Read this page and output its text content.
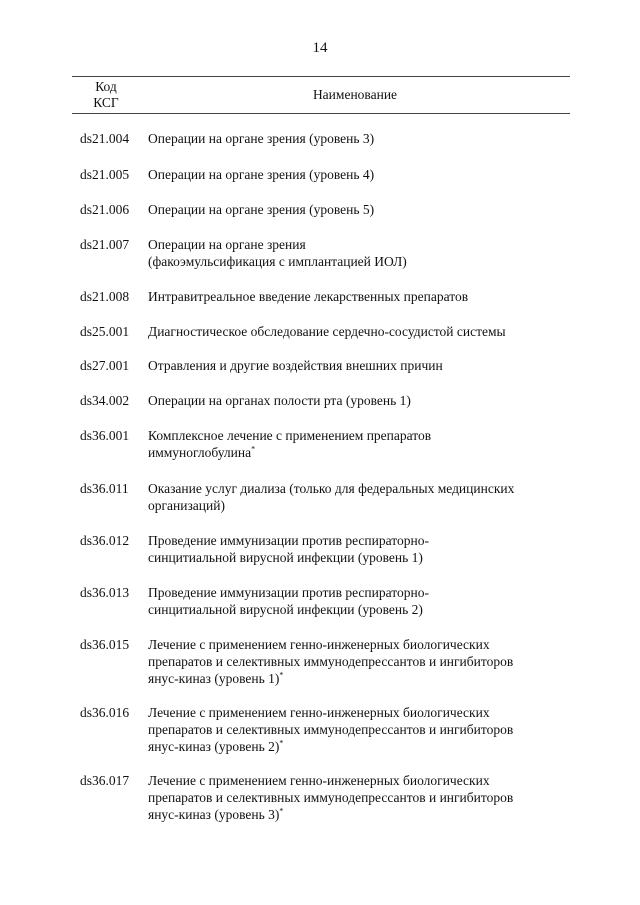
14
Код
КСГ
Наименование
ds21.004 Операции на органе зрения (уровень 3)
ds21.005 Операции на органе зрения (уровень 4)
ds21.006 Операции на органе зрения (уровень 5)
ds21.007 Операции на органе зрения
(факоэмульсификация с имплантацией ИОЛ)
ds21.008 Интравитреальное введение лекарственных препаратов
ds25.001 Диагностическое обследование сердечно-сосудистой системы
ds27.001 Отравления и другие воздействия внешних причин
ds34.002 Операции на органах полости рта (уровень 1)
ds36.001 Комплексное лечение с применением препаратов
иммуноглобулина*
ds36.011 Оказание услуг диализа (только для федеральных медицинских
организаций)
ds36.012 Проведение иммунизации против респираторно-
синцитиальной вирусной инфекции (уровень 1)
ds36.013 Проведение иммунизации против респираторно-
синцитиальной вирусной инфекции (уровень 2)
ds36.015 Лечение с применением генно-инженерных биологических
препаратов и селективных иммунодепрессантов и ингибиторов
янус-киназ (уровень 1)*
ds36.016 Лечение с применением генно-инженерных биологических
препаратов и селективных иммунодепрессантов и ингибиторов
янус-киназ (уровень 2)*
ds36.017 Лечение с применением генно-инженерных биологических
препаратов и селективных иммунодепрессантов и ингибиторов
янус-киназ (уровень 3)*
